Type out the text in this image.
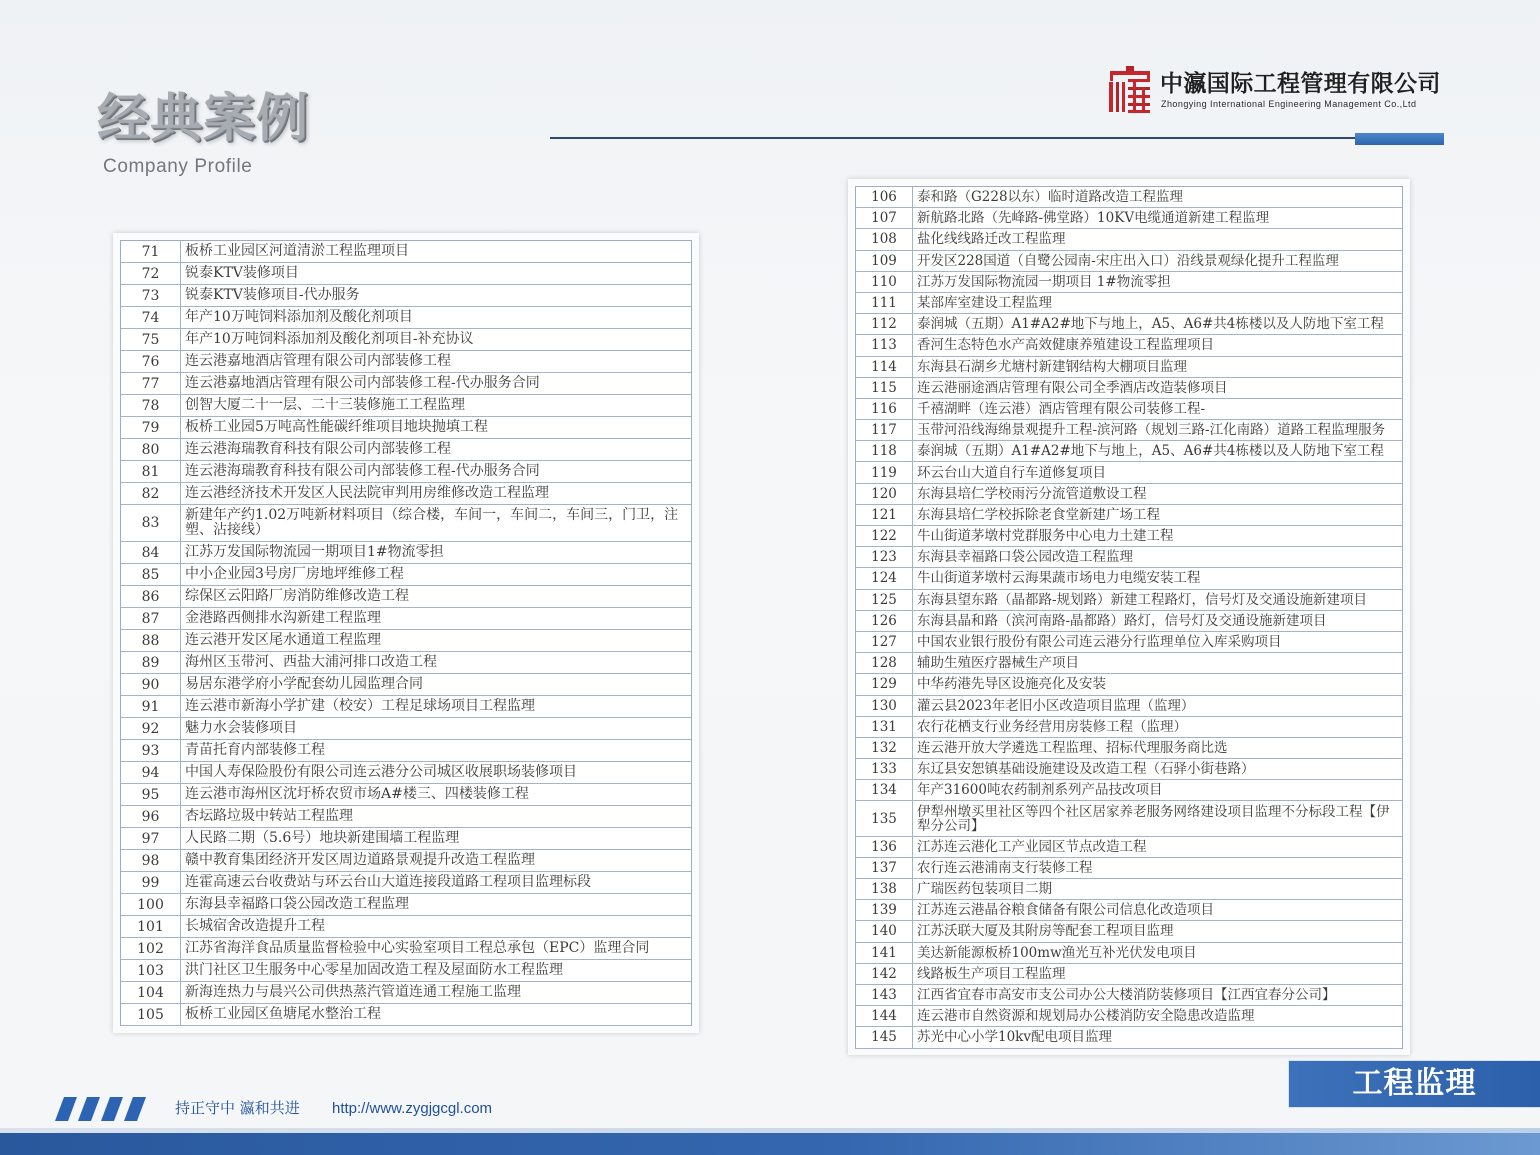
经典案例
Company Profile
中瀛国际工程管理有限公司
Zhongying International Engineering Management Co.,Ltd
71	板桥工业园区河道清淤工程监理项目
72	锐泰KTV装修项目
73	锐泰KTV装修项目-代办服务
74	年产10万吨饲料添加剂及酸化剂项目
75	年产10万吨饲料添加剂及酸化剂项目-补充协议
76	连云港嘉地酒店管理有限公司内部装修工程
77	连云港嘉地酒店管理有限公司内部装修工程-代办服务合同
78	创智大厦二十一层、二十三装修施工工程监理
79	板桥工业园5万吨高性能碳纤维项目地块抛填工程
80	连云港海瑞教育科技有限公司内部装修工程
81	连云港海瑞教育科技有限公司内部装修工程-代办服务合同
82	连云港经济技术开发区人民法院审判用房维修改造工程监理
83	新建年产约1.02万吨新材料项目（综合楼，车间一，车间二，车间三，门卫，注塑、沾接线）
84	江苏万发国际物流园一期项目1#物流零担
85	中小企业园3号房厂房地坪维修工程
86	综保区云阳路厂房消防维修改造工程
87	金港路西侧排水沟新建工程监理
88	连云港开发区尾水通道工程监理
89	海州区玉带河、西盐大浦河排口改造工程
90	易居东港学府小学配套幼儿园监理合同
91	连云港市新海小学扩建（校安）工程足球场项目工程监理
92	魅力水会装修项目
93	青苗托育内部装修工程
94	中国人寿保险股份有限公司连云港分公司城区收展职场装修项目
95	连云港市海州区沈圩桥农贸市场A#楼三、四楼装修工程
96	杏坛路垃圾中转站工程监理
97	人民路二期（5.6号）地块新建围墙工程监理
98	赣中教育集团经济开发区周边道路景观提升改造工程监理
99	连霍高速云台收费站与环云台山大道连接段道路工程项目监理标段
100	东海县幸福路口袋公园改造工程监理
101	长城宿舍改造提升工程
102	江苏省海洋食品质量监督检验中心实验室项目工程总承包（EPC）监理合同
103	洪门社区卫生服务中心零星加固改造工程及屋面防水工程监理
104	新海连热力与晨兴公司供热蒸汽管道连通工程施工监理
105	板桥工业园区鱼塘尾水整治工程
106	泰和路（G228以东）临时道路改造工程监理
107	新航路北路（先峰路-佛堂路）10KV电缆通道新建工程监理
108	盐化线线路迁改工程监理
109	开发区228国道（自鹭公园南-宋庄出入口）沿线景观绿化提升工程监理
110	江苏万发国际物流园一期项目 1#物流零担
111	某部库室建设工程监理
112	泰润城（五期）A1#A2#地下与地上，A5、A6#共4栋楼以及人防地下室工程
113	香河生态特色水产高效健康养殖建设工程监理项目
114	东海县石湖乡尤塘村新建钢结构大棚项目监理
115	连云港丽途酒店管理有限公司全季酒店改造装修项目
116	千禧湖畔（连云港）酒店管理有限公司装修工程-
117	玉带河沿线海绵景观提升工程-滨河路（规划三路-江化南路）道路工程监理服务
118	泰润城（五期）A1#A2#地下与地上，A5、A6#共4栋楼以及人防地下室工程
119	环云台山大道自行车道修复项目
120	东海县培仁学校雨污分流管道敷设工程
121	东海县培仁学校拆除老食堂新建广场工程
122	牛山街道茅墩村党群服务中心电力土建工程
123	东海县幸福路口袋公园改造工程监理
124	牛山街道茅墩村云海果蔬市场电力电缆安装工程
125	东海县望东路（晶都路-规划路）新建工程路灯，信号灯及交通设施新建项目
126	东海县晶和路（滨河南路-晶都路）路灯，信号灯及交通设施新建项目
127	中国农业银行股份有限公司连云港分行监理单位入库采购项目
128	辅助生殖医疗器械生产项目
129	中华药港先导区设施亮化及安装
130	灌云县2023年老旧小区改造项目监理（监理）
131	农行花栖支行业务经营用房装修工程（监理）
132	连云港开放大学遴选工程监理、招标代理服务商比选
133	东辽县安恕镇基础设施建设及改造工程（石驿小街巷路）
134	年产31600吨农药制剂系列产品技改项目
135	伊犁州墩买里社区等四个社区居家养老服务网络建设项目监理不分标段工程【伊犁分公司】
136	江苏连云港化工产业园区节点改造工程
137	农行连云港浦南支行装修工程
138	广瑞医药包装项目二期
139	江苏连云港晶谷粮食储备有限公司信息化改造项目
140	江苏沃联大厦及其附房等配套工程项目监理
141	美达新能源板桥100mw渔光互补光伏发电项目
142	线路板生产项目工程监理
143	江西省宜春市高安市支公司办公大楼消防装修项目【江西宜春分公司】
144	连云港市自然资源和规划局办公楼消防安全隐患改造监理
145	苏光中心小学10kv配电项目监理
持正守中 瀛和共进 http://www.zygjgcgl.com
工程监理
